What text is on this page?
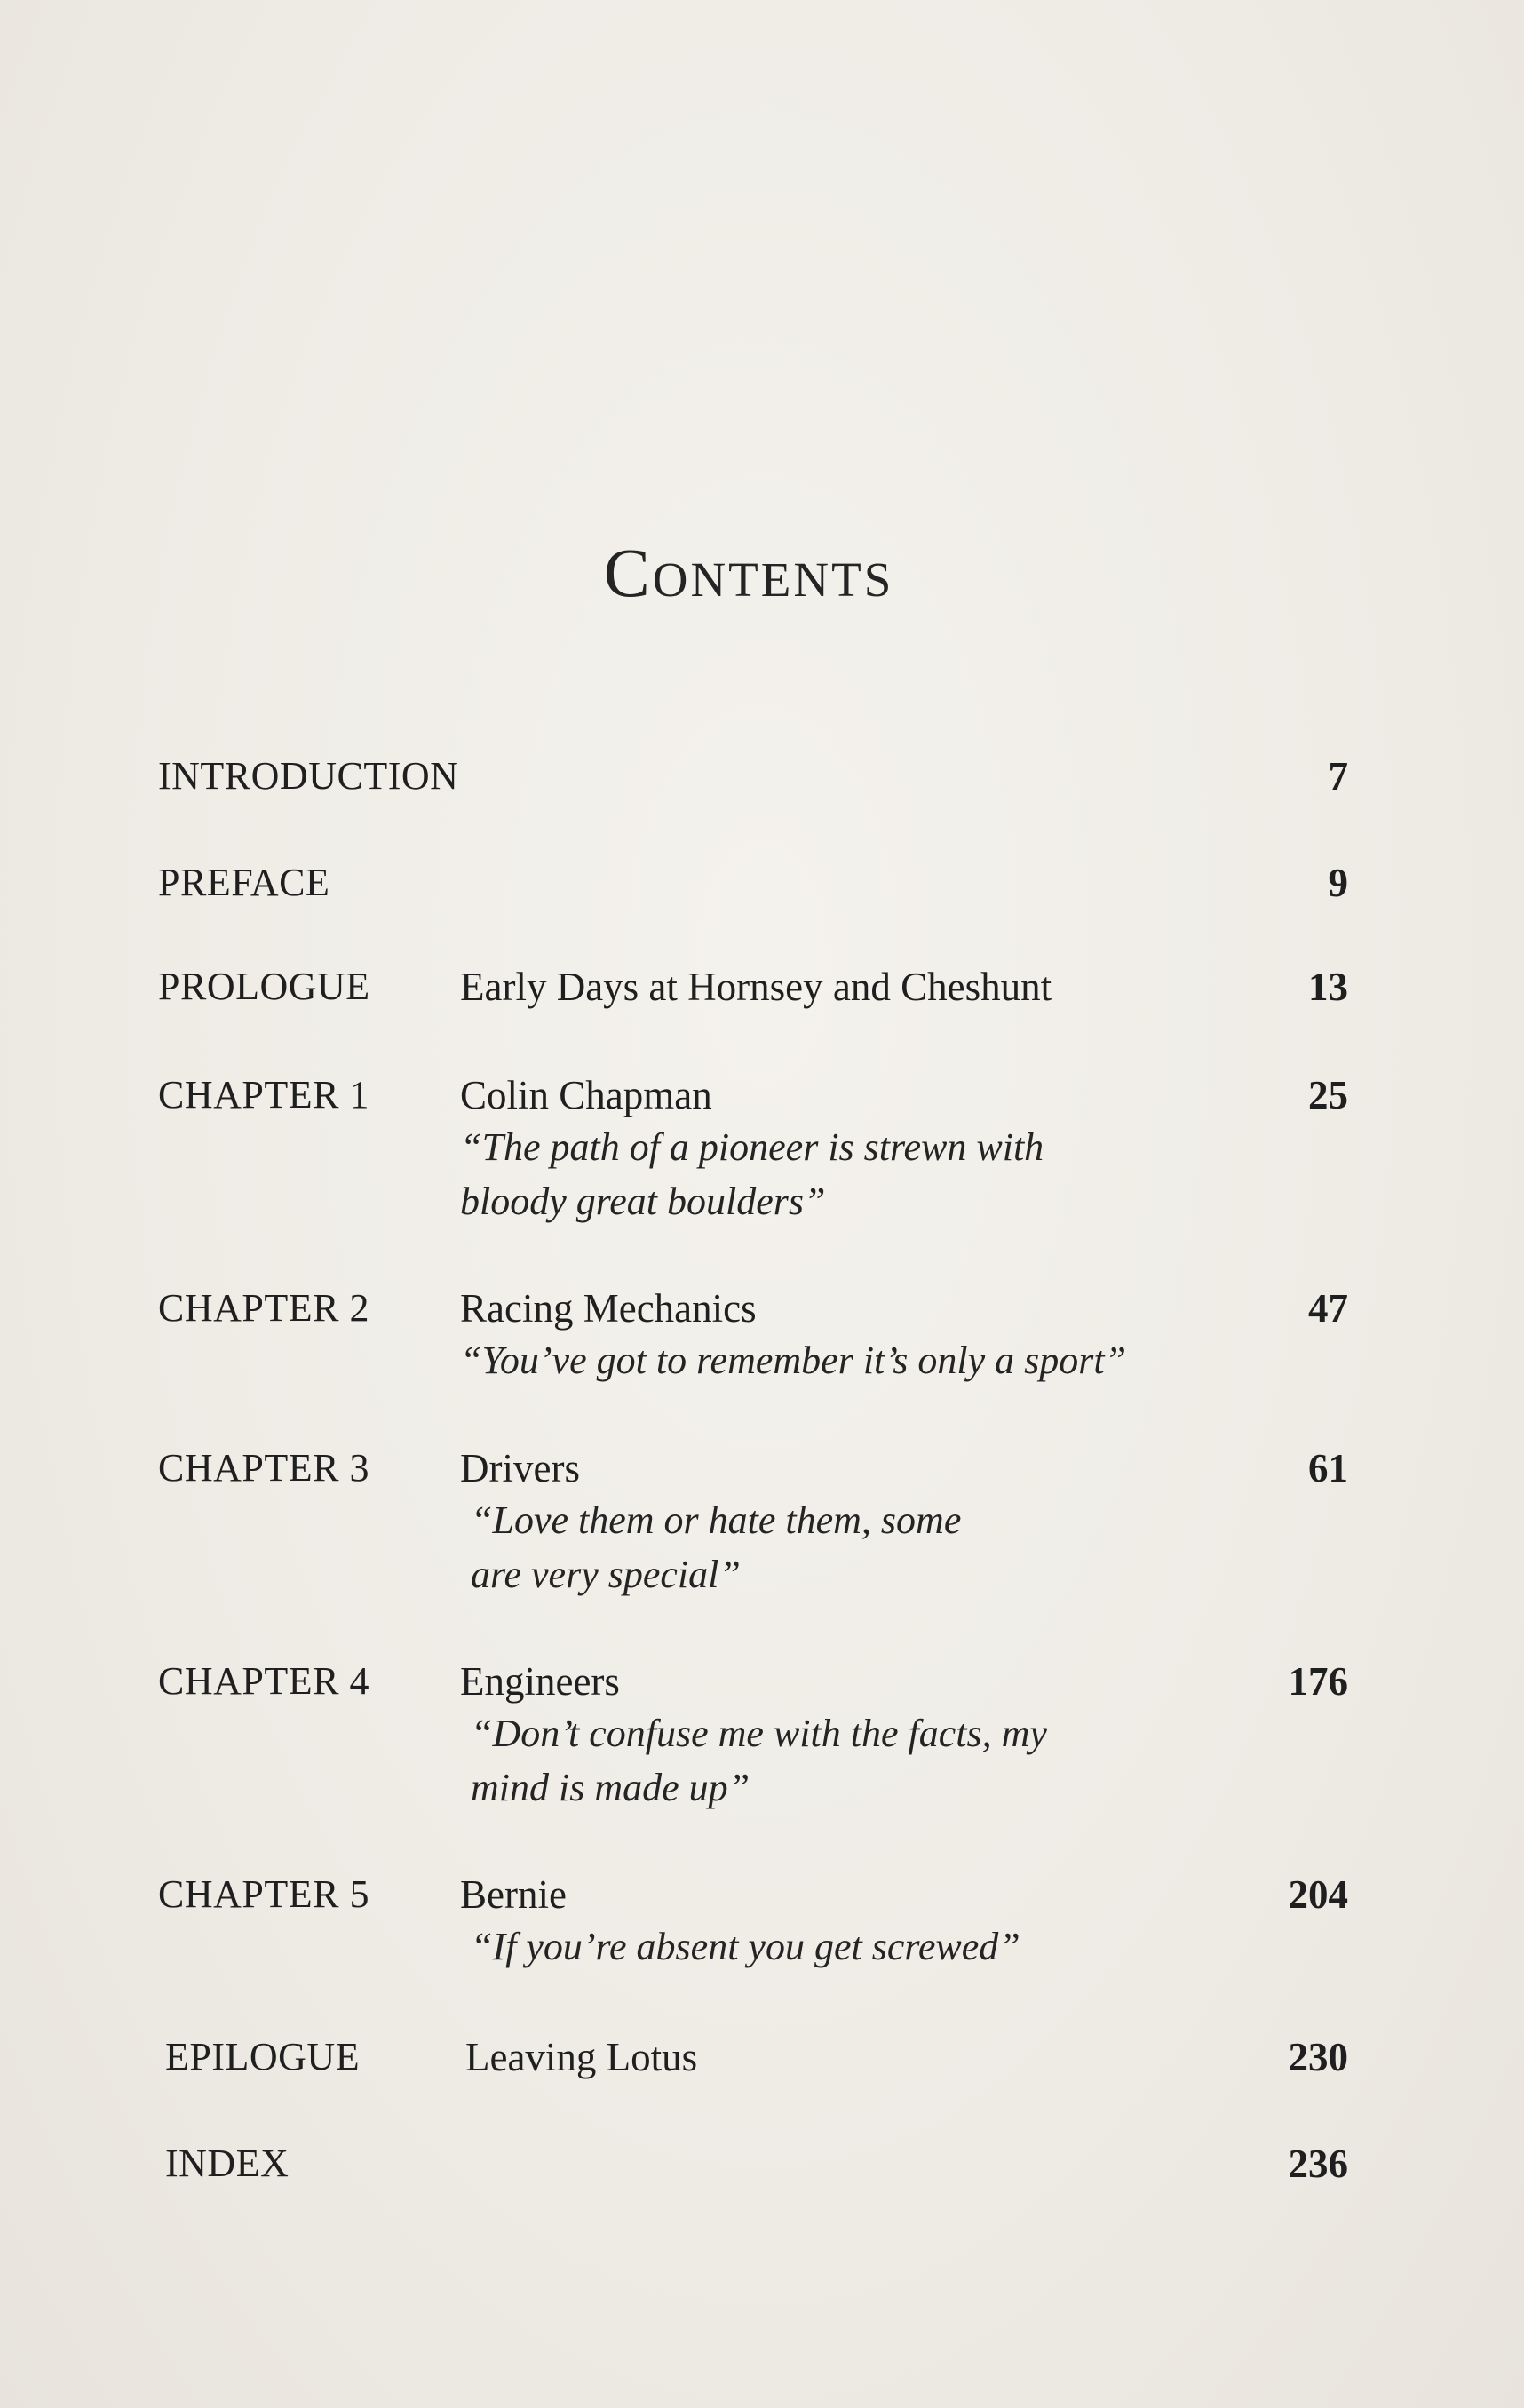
Contents
INTRODUCTION	7
PREFACE	9
PROLOGUE Early Days at Hornsey and Cheshunt	13
CHAPTER 1 Colin Chapman	25
“The path of a pioneer is strewn with
bloody great boulders”
CHAPTER 2 Racing Mechanics	47
“You’ve got to remember it’s only a sport”
CHAPTER 3 Drivers	61
“Love them or hate them, some
are very special”
CHAPTER 4 Engineers	176
“Don’t confuse me with the facts, my
mind is made up”
CHAPTER 5 Bernie	204
“If you’re absent you get screwed”
EPILOGUE	Leaving Lotus	230
INDEX	236
